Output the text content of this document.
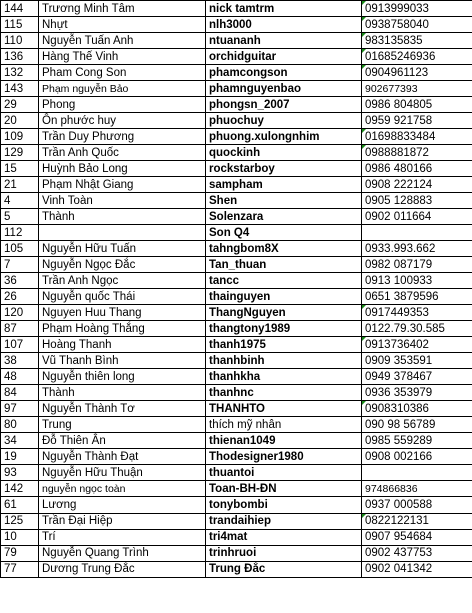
144	Trương Minh Tâm	nick tamtrm	0913999033
115	Nhựt	nlh3000	0938758040
110	Nguyễn Tuấn Anh	ntuananh	983135835
136	Hàng Thế Vinh	orchidguitar	01685246936
132	Pham Cong Son	phamcongson	0904961123
143	Phạm nguyễn Bảo	phamnguyenbao	902677393
29	Phong	phongsn_2007	0986 804805
20	Ôn phước huy	phuochuy	0959 921758
109	Trần Duy Phương	phuong.xulongnhim	01698833484
129	Trần Anh Quốc	quockinh	0988881872
15	Huỳnh Bảo Long	rockstarboy	0986 480166
21	Phạm Nhật Giang	sampham	0908 222124
4	Vinh Toàn	Shen	0905 128883
5	Thành	Solenzara	0902 011664
112		Son Q4	
105	Nguyễn Hữu Tuấn	tahngbom8X	0933.993.662
7	Nguyễn Ngọc Đắc	Tan_thuan	0982 087179
36	Trần Anh Ngọc	tancc	0913 100933
26	Nguyễn quốc Thái	thainguyen	0651 3879596
120	Nguyen Huu Thang	ThangNguyen	0917449353
87	Phạm Hoàng Thắng	thangtony1989	0122.79.30.585
107	Hoàng Thanh	thanh1975	0913736402
38	Vũ Thanh Bình	thanhbinh	0909 353591
48	Nguyễn thiên long	thanhkha	0949 378467
84	Thành	thanhnc	0936 353979
97	Nguyễn Thành Tơ	THANHTO	0908310386
80	Trung	thích mỹ nhân	090 98 56789
34	Đỗ Thiên Ân	thienan1049	0985 559289
19	Nguyễn Thành Đạt	Thodesigner1980	0908 002166
93	Nguyễn Hữu Thuận	thuantoi	
142	nguyễn ngọc toàn	Toan-BH-ĐN	974866836
61	Lương	tonybombi	0937 000588
125	Trần Đại Hiệp	trandaihiep	0822122131
10	Trí	tri4mat	0907 954684
79	Nguyễn Quang Trình	trinhruoi	0902 437753
77	Dương Trung Đắc	Trung Đắc	0902 041342
